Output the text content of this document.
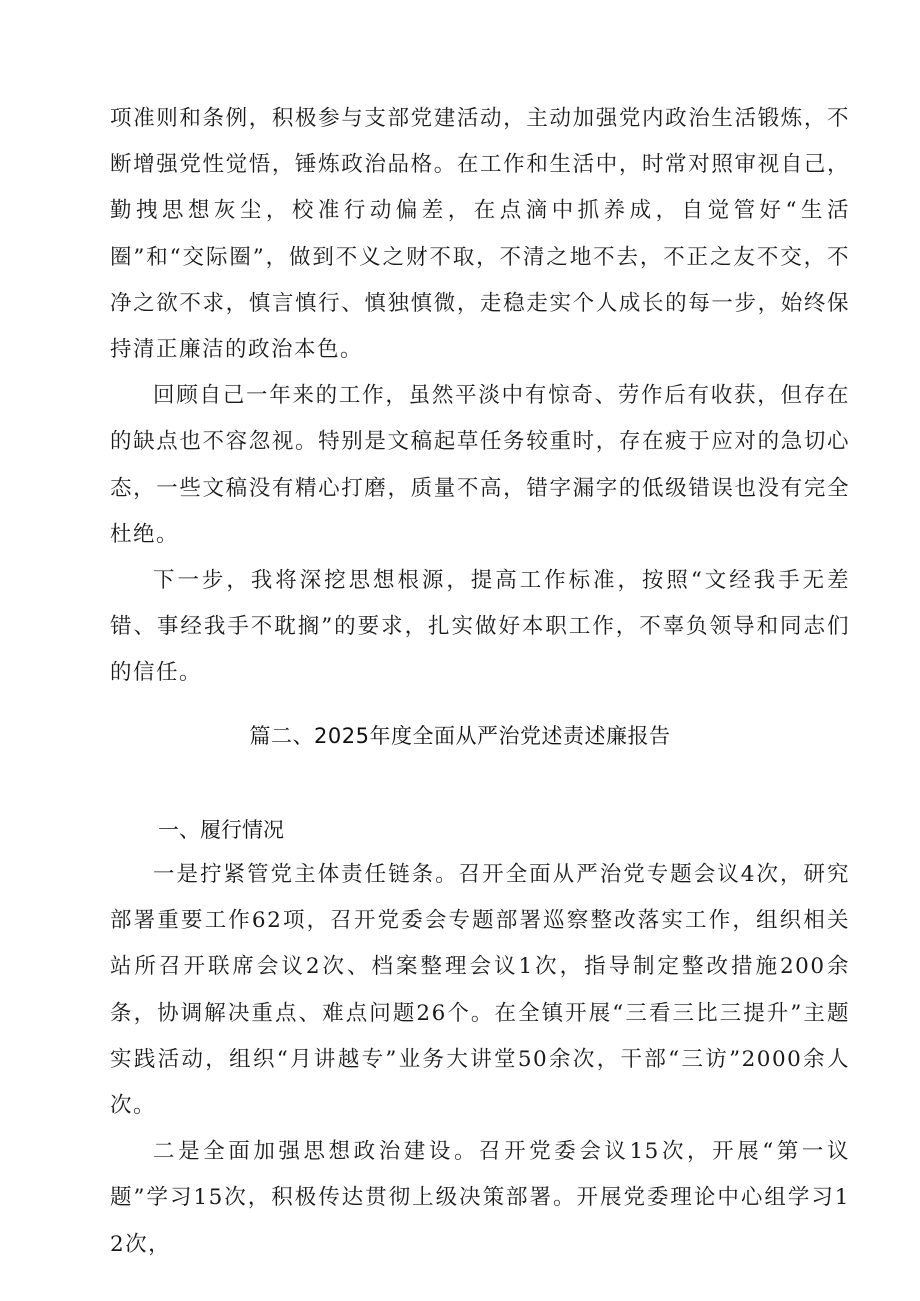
项准则和条例，积极参与支部党建活动，主动加强党内政治生活锻炼，不断增强党性觉悟，锤炼政治品格。在工作和生活中，时常对照审视自己，勤拽思想灰尘，校准行动偏差，在点滴中抓养成，自觉管好“生活圈”和“交际圈”，做到不义之财不取，不清之地不去，不正之友不交，不净之欲不求，慎言慎行、慎独慎微，走稳走实个人成长的每一步，始终保持清正廉洁的政治本色。

回顾自己一年来的工作，虽然平淡中有惊奇、劳作后有收获，但存在的缺点也不容忽视。特别是文稿起草任务较重时，存在疲于应对的急切心态，一些文稿没有精心打磨，质量不高，错字漏字的低级错误也没有完全杜绝。

下一步，我将深挖思想根源，提高工作标准，按照“文经我手无差错、事经我手不耽搁”的要求，扎实做好本职工作，不辜负领导和同志们的信任。

篇二、2025年度全面从严治党述责述廉报告
一、履行情况

一是拧紧管党主体责任链条。召开全面从严治党专题会议4次，研究部署重要工作62项，召开党委会专题部署巡察整改落实工作，组织相关站所召开联席会议2次、档案整理会议1次，指导制定整改措施200余条，协调解决重点、难点问题26个。在全镇开展“三看三比三提升”主题实践活动，组织“月讲越专”业务大讲堂50余次，干部“三访”2000余人次。

二是全面加强思想政治建设。召开党委会议15次，开展“第一议题”学习15次，积极传达贯彻上级决策部署。开展党委理论中心组学习12次，
